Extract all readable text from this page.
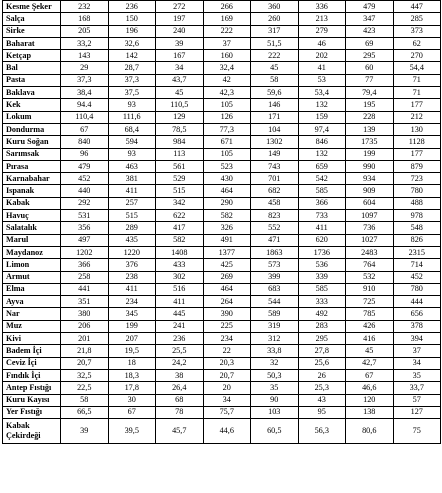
Kesme Şeker	232	236	272	266	360	336	479	447
Salça	168	150	197	169	260	213	347	285
Sirke	205	196	240	222	317	279	423	373
Baharat	33,2	32,6	39	37	51,5	46	69	62
Ketçap	143	142	167	160	222	202	295	270
Bal	29	28,7	34	32,4	45	41	60	54,4
Pasta	37,3	37,3	43,7	42	58	53	77	71
Baklava	38,4	37,5	45	42,3	59,6	53,4	79,4	71
Kek	94.4	93	110,5	105	146	132	195	177
Lokum	110,4	111,6	129	126	171	159	228	212
Dondurma	67	68,4	78,5	77,3	104	97,4	139	130
Kuru Soğan	840	594	984	671	1302	846	1735	1128
Sarımsak	96	93	113	105	149	132	199	177
Pırasa	479	463	561	523	743	659	990	879
Karnabahar	452	381	529	430	701	542	934	723
Ispanak	440	411	515	464	682	585	909	780
Kabak	292	257	342	290	458	366	604	488
Havuç	531	515	622	582	823	733	1097	978
Salatalık	356	289	417	326	552	411	736	548
Marul	497	435	582	491	471	620	1027	826
Maydanoz	1202	1220	1408	1377	1863	1736	2483	2315
Limon	366	376	433	425	573	536	764	714
Armut	258	238	302	269	399	339	532	452
Elma	441	411	516	464	683	585	910	780
Ayva	351	234	411	264	544	333	725	444
Nar	380	345	445	390	589	492	785	656
Muz	206	199	241	225	319	283	426	378
Kivi	201	207	236	234	312	295	416	394
Badem İçi	21,8	19,5	25,5	22	33,8	27,8	45	37
Ceviz İçi	20,7	18	24,2	20,3	32	25,6	42,7	34
Fındık İçi	32,5	18,3	38	20,7	50,3	26	67	35
Antep Fıstığı	22,5	17,8	26,4	20	35	25,3	46,6	33,7
Kuru Kayısı	58	30	68	34	90	43	120	57
Yer Fıstığı	66,5	67	78	75,7	103	95	138	127
Kabak Çekirdeği	39	39,5	45,7	44,6	60,5	56,3	80,6	75
